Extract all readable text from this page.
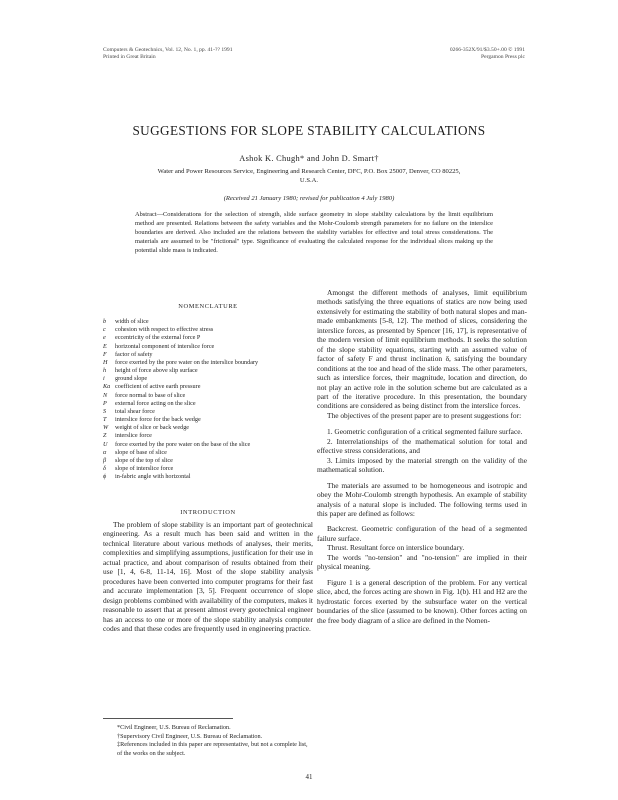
Computers & Geotechnics, Vol. 12, No. 1, pp. 41-?? 1991
Printed in Great Britain
0266-352X/91/$3.50+.00 © 1991
Pergamon Press plc
SUGGESTIONS FOR SLOPE STABILITY CALCULATIONS
Ashok K. Chugh* and John D. Smart†
Water and Power Resources Service, Engineering and Research Center, DFC, P.O. Box 25007, Denver, CO 80225, U.S.A.
(Received 21 January 1980; revised for publication 4 July 1980)
Abstract—Considerations for the selection of strength, slide surface geometry in slope stability calculations by the limit equilibrium method are presented. Relations between the safety variables and the Mohr-Coulomb strength parameters for no failure on the interslice boundaries are derived. Also included are the relations between the stability variables for effective and total stress considerations. The materials are assumed to be "frictional" type. Significance of evaluating the calculated response for the individual slices making up the potential slide mass is indicated.
NOMENCLATURE
b	width of slice
c	cohesion with respect to effective stress
e	eccentricity of the external force P
E	horizontal component of interslice force
F	factor of safety
H	force exerted by the pore water on the interslice boundary
h	height of force above slip surface
i	ground slope
Ka coefficient of active earth pressure
N	force normal to base of slice
P	external force acting on the slice
S	total shear force
T	interslice force for the back wedge
W	weight of slice or back wedge
Z	interslice force
U	force exerted by the pore water on the base of the slice
α	slope of base of slice
β	slope of the top of slice
δ	slope of interslice force
ϕ	in-fabric angle with horizontal
INTRODUCTION

The problem of slope stability is an important part of geotechnical engineering. As a result much has been said and written in the technical literature about various methods of analyses, their merits, complexities and simplifying assumptions, justification for their use in actual practice, and about comparison of results obtained from their use [1, 4, 6-8, 11-14, 16]. Most of the slope stability analysis procedures have been converted into computer programs for their fast and accurate implementation [3, 5]. Frequent occurrence of slope design problems combined with availability of the computers, makes it reasonable to assert that at present almost every geotechnical engineer has an access to one or more of the slope stability analysis computer codes and that these codes are frequently used in engineering practice.

*Civil Engineer, U.S. Bureau of Reclamation.
†Supervisory Civil Engineer, U.S. Bureau of Reclamation.
‡References included in this paper are representative, but not a complete list, of the works on the subject.

Amongst the different methods of analyses, limit equilibrium methods satisfying the three equations of statics are now being used extensively for estimating the stability of both natural slopes and man-made embankments [5-8, 12]. The method of slices, considering the interslice forces, as presented by Spencer [16, 17], is representative of the modern version of limit equilibrium methods. It seeks the solution of the slope stability equations, starting with an assumed value of factor of safety F and thrust inclination δ, satisfying the boundary conditions at the toe and head of the slide mass. The other parameters, such as interslice forces, their magnitude, location and direction, do not play an active role in the solution scheme but are calculated as a part of the iterative procedure. In this presentation, the boundary conditions are considered as being distinct from the interslice forces.

The objectives of the present paper are to present suggestions for:

1. Geometric configuration of a critical segmented failure surface.

2. Interrelationships of the mathematical solution for total and effective stress considerations, and

3. Limits imposed by the material strength on the validity of the mathematical solution.

The materials are assumed to be homogeneous and isotropic and obey the Mohr-Coulomb strength hypothesis. An example of stability analysis of a natural slope is included. The following terms used in this paper are defined as follows:

Backcrest. Geometric configuration of the head of a segmented failure surface.

Thrust. Resultant force on interslice boundary.

The words "no-tension" and "no-tension" are implied in their physical meaning.

Figure 1 is a general description of the problem. For any vertical slice, abcd, the forces acting are shown in Fig. 1(b). H1 and H2 are the hydrostatic forces exerted by the subsurface water on the vertical boundaries of the slice (assumed to be known). Other forces acting on the free body diagram of a slice are defined in the Nomen-

41
